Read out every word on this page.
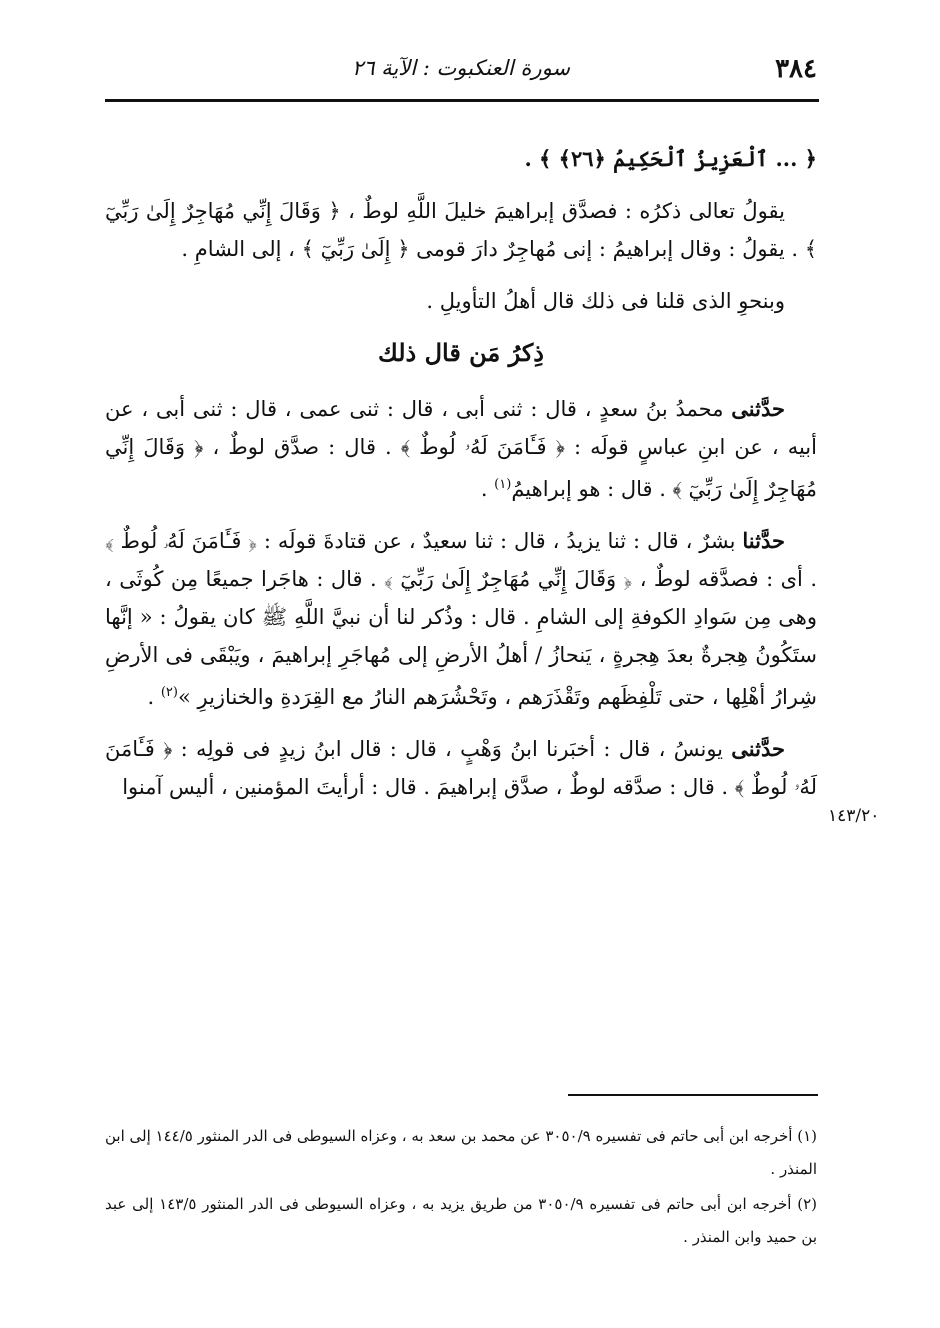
٣٨٤
سورة العنكبوت : الآية ٢٦

﴿ ... ٱلْعَزِيزُ ٱلْحَكِيمُ ﴿٢٦﴾ ﴾ .

يقولُ تعالى ذكرُه : فصدَّق إبراهيمَ خليلَ اللَّهِ لوطٌ ، ﴿ وَقَالَ إِنِّي مُهَاجِرٌ إِلَىٰ رَبِّيٓ ﴾ . يقولُ : وقال إبراهيمُ : إنى مُهاجِرٌ دارَ قومى ﴿ إِلَىٰ رَبِّيٓ ﴾ ، إلى الشامِ .

وبنحوِ الذى قلنا فى ذلك قال أهلُ التأويلِ .

ذِكرُ مَن قال ذلك

حدَّثنى محمدُ بنُ سعدٍ ، قال : ثنى أبى ، قال : ثنى عمى ، قال : ثنى أبى ، عن أبيه ، عن ابنِ عباسٍ قولَه : ﴿ فَـَٔامَنَ لَهُۥ لُوطٌ ﴾ . قال : صدَّق لوطٌ ، ﴿ وَقَالَ إِنِّي مُهَاجِرٌ إِلَىٰ رَبِّيٓ ﴾ . قال : هو إبراهيمُ$^{(١)}$ .

حدَّثنا بشرٌ ، قال : ثنا يزيدُ ، قال : ثنا سعيدٌ ، عن قتادةَ قولَه : ﴿ فَـَٔامَنَ لَهُۥ لُوطٌ ﴾ . أى : فصدَّقه لوطٌ ، ﴿ وَقَالَ إِنِّي مُهَاجِرٌ إِلَىٰ رَبِّيٓ ﴾ . قال : هاجَرا جميعًا مِن كُوثَى ، وهى مِن سَوادِ الكوفةِ إلى الشامِ . قال : وذُكر لنا أن نبيَّ اللَّهِ ﷺ كان يقولُ : « إنَّها ستَكُونُ هِجرةٌ بعدَ هِجرةٍ ، يَنحازُ / أهلُ الأرضِ إلى مُهاجَرِ إبراهيمَ ، ويَبْقَى فى الأرضِ شِرارُ أهْلِها ، حتى تَلْفِظَهم وتَقْذَرَهم ، وتَحْشُرَهم النارُ مع القِرَدةِ والخنازيرِ »$^{(٢)}$ .

حدَّثنى يونسُ ، قال : أخبَرنا ابنُ وَهْبٍ ، قال : قال ابنُ زيدٍ فى قولِه : ﴿ فَـَٔامَنَ لَهُۥ لُوطٌ ﴾ . قال : صدَّقه لوطٌ ، صدَّق إبراهيمَ . قال : أرأيتَ المؤمنين ، أليس آمنوا

١٤٣/٢٠

(١) أخرجه ابن أبى حاتم فى تفسيره ٣٠٥٠/٩ عن محمد بن سعد به ، وعزاه السيوطى فى الدر المنثور ١٤٤/٥ إلى ابن المنذر .

(٢) أخرجه ابن أبى حاتم فى تفسيره ٣٠٥٠/٩ من طريق يزيد به ، وعزاه السيوطى فى الدر المنثور ١٤٣/٥ إلى عبد بن حميد وابن المنذر .
